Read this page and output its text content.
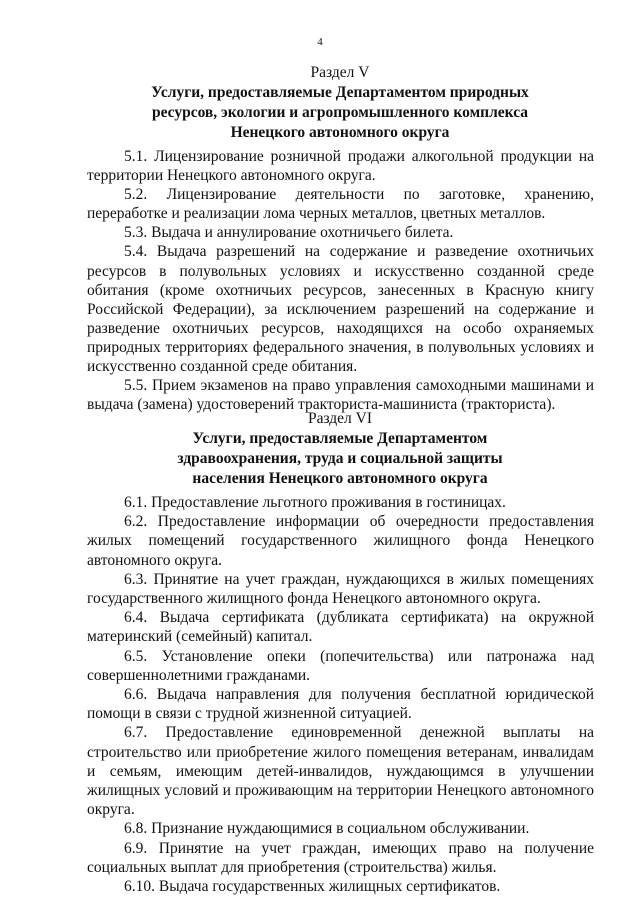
4
Раздел V
Услуги, предоставляемые Департаментом природных
ресурсов, экологии и агропромышленного комплекса
Ненецкого автономного округа

5.1. Лицензирование розничной продажи алкогольной продукции на территории Ненецкого автономного округа.

5.2. Лицензирование деятельности по заготовке, хранению, переработке и реализации лома черных металлов, цветных металлов.

5.3. Выдача и аннулирование охотничьего билета.

5.4. Выдача разрешений на содержание и разведение охотничьих ресурсов в полувольных условиях и искусственно созданной среде обитания (кроме охотничьих ресурсов, занесенных в Красную книгу Российской Федерации), за исключением разрешений на содержание и разведение охотничьих ресурсов, находящихся на особо охраняемых природных территориях федерального значения, в полувольных условиях и искусственно созданной среде обитания.

5.5. Прием экзаменов на право управления самоходными машинами и выдача (замена) удостоверений тракториста-машиниста (тракториста).

Раздел VI
Услуги, предоставляемые Департаментом
здравоохранения, труда и социальной защиты
населения Ненецкого автономного округа

6.1. Предоставление льготного проживания в гостиницах.

6.2. Предоставление информации об очередности предоставления жилых помещений государственного жилищного фонда Ненецкого автономного округа.

6.3. Принятие на учет граждан, нуждающихся в жилых помещениях государственного жилищного фонда Ненецкого автономного округа.

6.4. Выдача сертификата (дубликата сертификата) на окружной материнский (семейный) капитал.

6.5. Установление опеки (попечительства) или патронажа над совершеннолетними гражданами.

6.6. Выдача направления для получения бесплатной юридической помощи в связи с трудной жизненной ситуацией.

6.7. Предоставление единовременной денежной выплаты на строительство или приобретение жилого помещения ветеранам, инвалидам и семьям, имеющим детей-инвалидов, нуждающимся в улучшении жилищных условий и проживающим на территории Ненецкого автономного округа.

6.8. Признание нуждающимися в социальном обслуживании.

6.9. Принятие на учет граждан, имеющих право на получение социальных выплат для приобретения (строительства) жилья.

6.10. Выдача государственных жилищных сертификатов.
